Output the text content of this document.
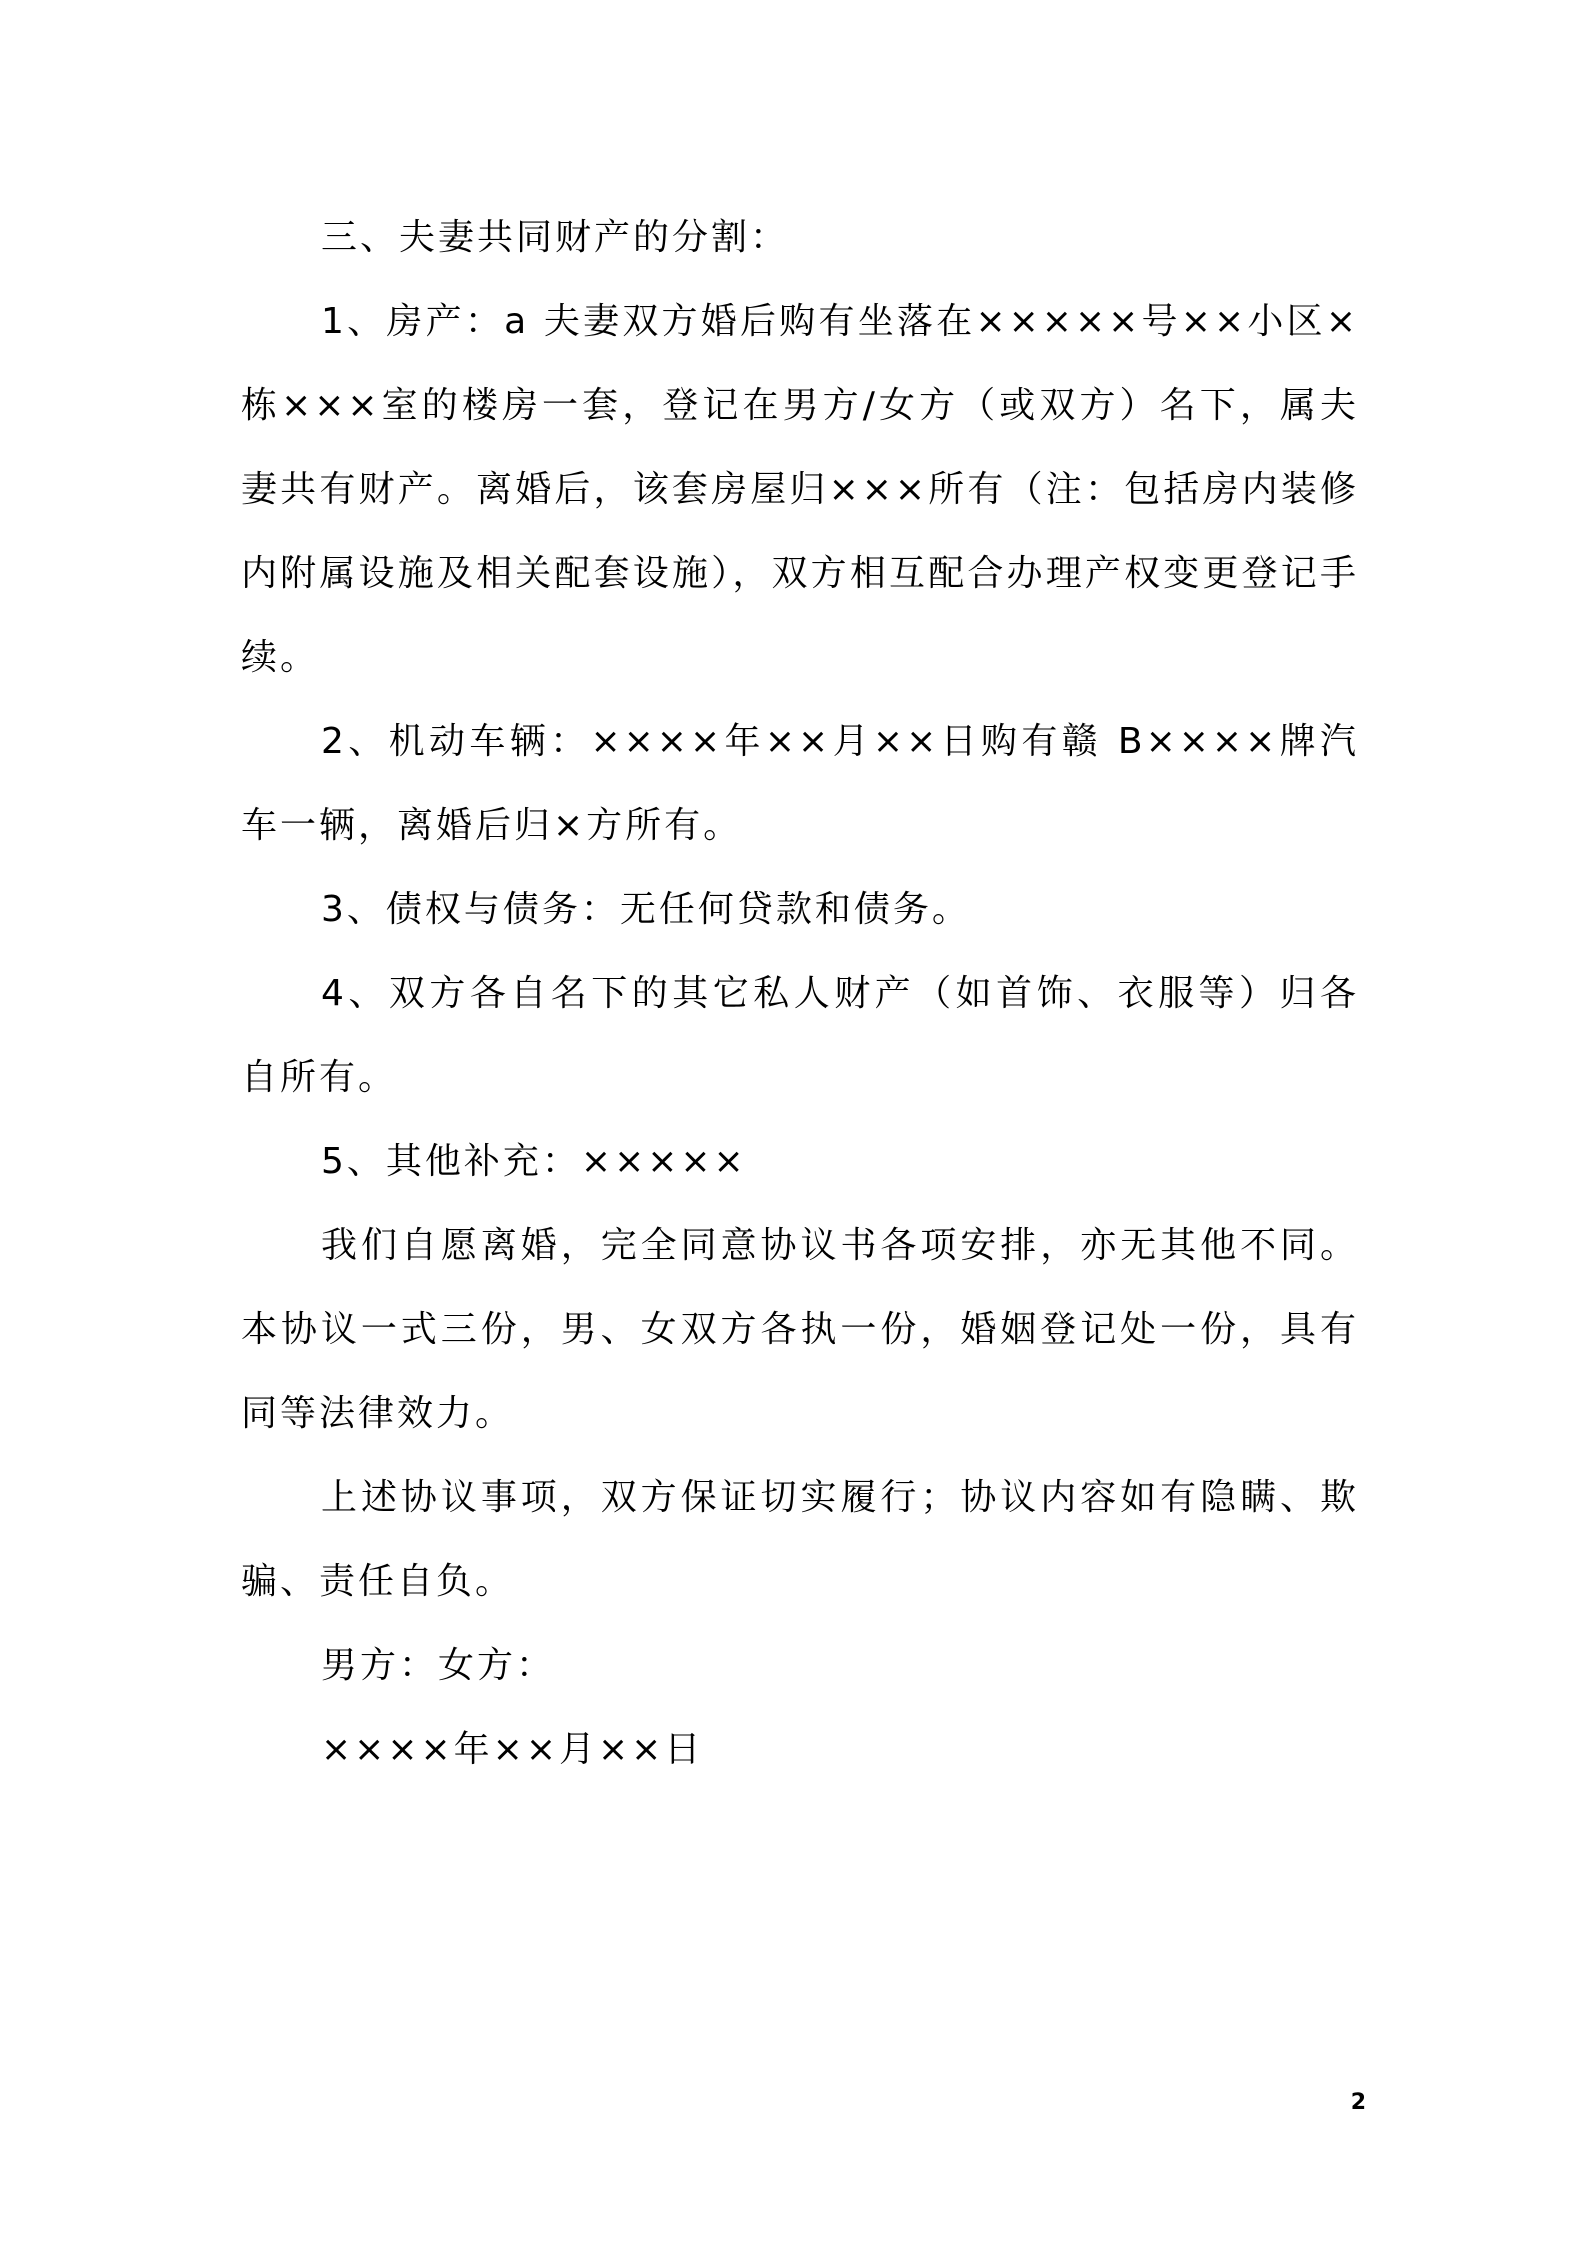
三、夫妻共同财产的分割：

1、房产：a 夫妻双方婚后购有坐落在×××××号××小区×栋×××室的楼房一套，登记在男方/女方（或双方）名下，属夫妻共有财产。离婚后，该套房屋归×××所有（注：包括房内装修内附属设施及相关配套设施），双方相互配合办理产权变更登记手续。

2、机动车辆：××××年××月××日购有赣 B××××牌汽车一辆，离婚后归×方所有。

3、债权与债务：无任何贷款和债务。

4、双方各自名下的其它私人财产（如首饰、衣服等）归各自所有。

5、其他补充：×××××

我们自愿离婚，完全同意协议书各项安排，亦无其他不同。本协议一式三份，男、女双方各执一份，婚姻登记处一份，具有同等法律效力。

上述协议事项，双方保证切实履行；协议内容如有隐瞒、欺骗、责任自负。

男方：女方：

××××年××月××日

2
